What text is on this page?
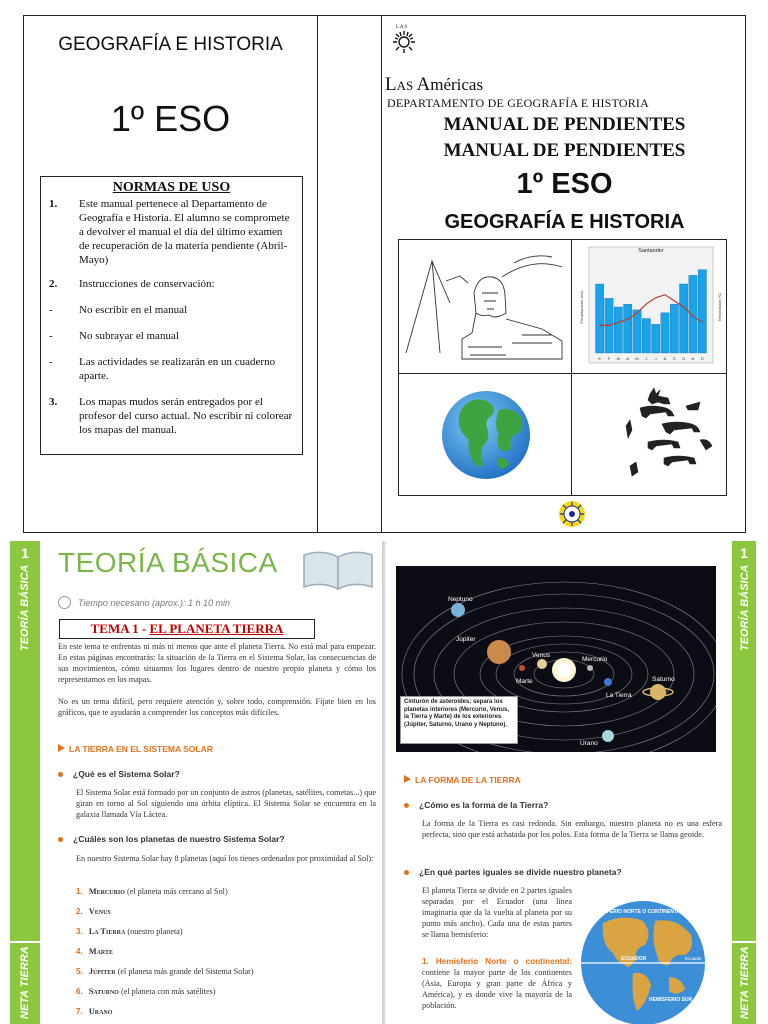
GEOGRAFÍA E HISTORIA
1º ESO
NORMAS DE USO
1.	Este manual pertenece al Departamento de Geografía e Historia. El alumno se compromete a devolver el manual el día del último examen de recuperación de la materia pendiente (Abril- Mayo)
2.	Instrucciones de conservación:
-	No escribir en el manual
-	No subrayar el manual
-	Las actividades se realizarán en un cuaderno aparte.
3.	Los mapas mudos serán entregados por el profesor del curso actual. No escribir ni colorear los mapas del manual.
L A S
LAS Américas
DEPARTAMENTO DE GEOGRAFÍA E HISTORIA
MANUAL DE PENDIENTES
MANUAL DE PENDIENTES
1º ESO
GEOGRAFÍA E HISTORIA
Santander
E F M A M J J A S O N D
Precipitaciones (mm)	Temperaturas (ºC)
1
TEORÍA BÁSICA
NETA TIERRA
TEORÍA BÁSICA
Tiempo necesario (aprox.): 1 h 10 min
TEMA 1 - EL PLANETA TIERRA
En este tema te enfrentas ni más ni menos que ante el planeta Tierra. No está mal para empezar. En estas páginas encontrarás: la situación de la Tierra en el Sistema Solar, las consecuencias de sus movimientos, cómo situamos los lugares dentro de nuestro propio planeta y cómo los representamos en los mapas.
No es un tema difícil, pero requiere atención y, sobre todo, comprensión. Fíjate bien en los gráficos, que te ayudarán a comprender los conceptos más difíciles.
LA TIERRA EN EL SISTEMA SOLAR
¿Qué es el Sistema Solar?
El Sistema Solar está formado por un conjunto de astros (planetas, satélites, cometas...) que giran en torno al Sol siguiendo una órbita elíptica. El Sistema Solar se encuentra en la galaxia llamada Vía Láctea.
¿Cuáles son los planetas de nuestro Sistema Solar?
En nuestro Sistema Solar hay 8 planetas (aquí los tienes ordenados por proximidad al Sol):
1. Mercurio (el planeta más cercano al Sol)
2. Venus
3. La Tierra (nuestro planeta)
4. Marte
5. Júpiter (el planeta más grande del Sistema Solar)
6. Saturno (el planeta con más satélites)
7. Urano
Neptuno
Júpiter
Venus
Marte
Mercurio
La Tierra
Saturno
Urano
Cinturón de asteroides: separa los planetas interiores (Mercurio, Venus, la Tierra y Marte) de los exteriores (Júpiter, Saturno, Urano y Neptuno).
LA FORMA DE LA TIERRA
¿Cómo es la forma de la Tierra?
La forma de la Tierra es casi redonda. Sin embargo, nuestro planeta no es una esfera perfecta, sino que está achatada por los polos. Esta forma de la Tierra se llama geoide.
¿En qué partes iguales se divide nuestro planeta?
El planeta Tierra se divide en 2 partes iguales separadas por el Ecuador (una línea imaginaria que da la vuelta al planeta por su punto más ancho). Cada una de estas partes se llama hemisferio:
1. Hemisferio Norte o continental: contiene la mayor parte de los continentes (Asia, Europa y gran parte de África y América), y es donde vive la mayoría de la población.
HEMISFERIO NORTE O CONTINENTAL
ECUADOR	Ecuador
HEMISFERIO SUR
1
TEORÍA BÁSICA
NETA TIERRA
